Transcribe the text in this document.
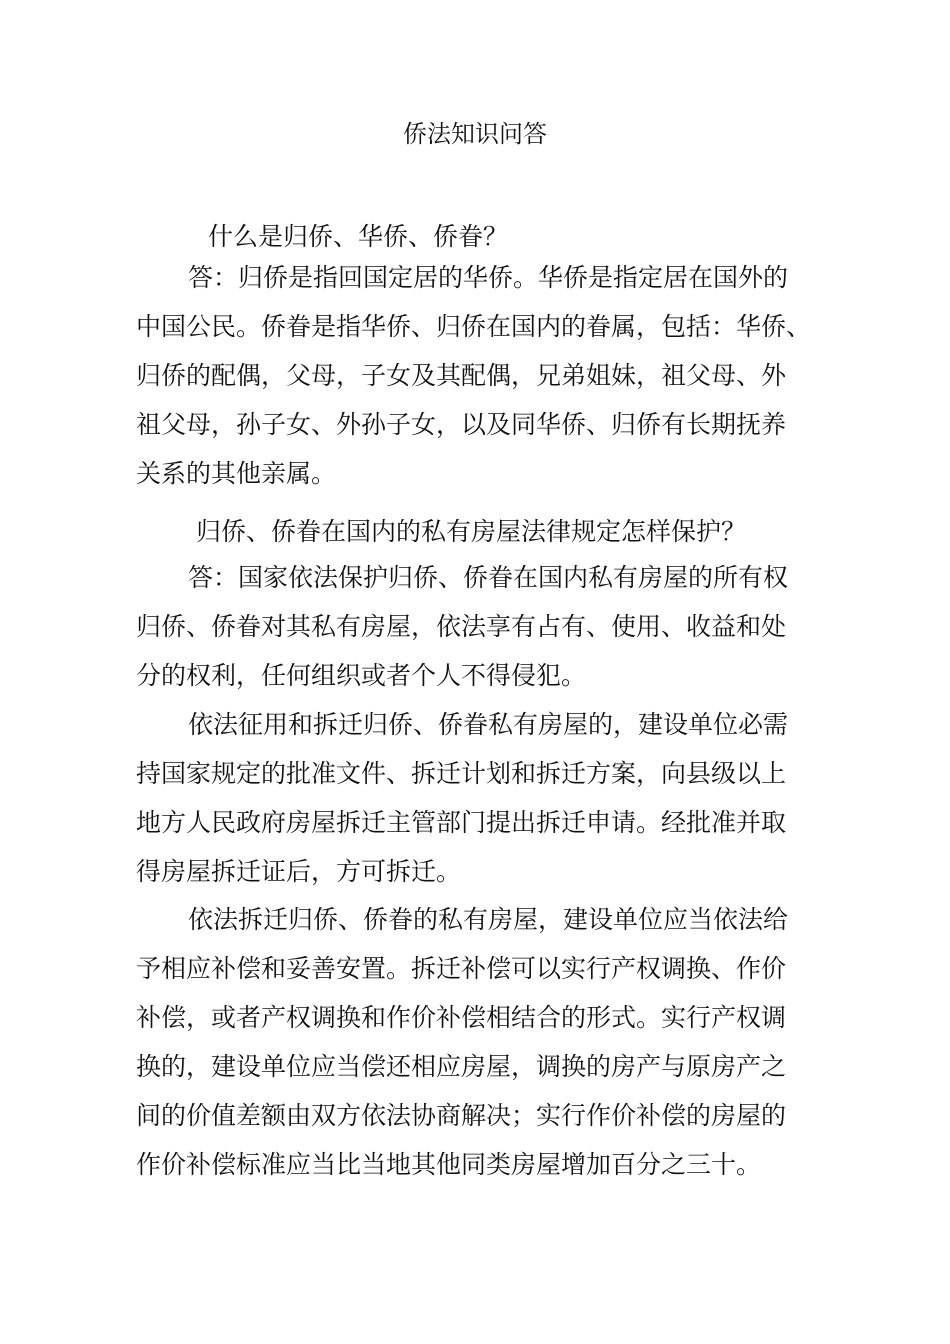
侨法知识问答
什么是归侨、华侨、侨眷？
答：归侨是指回国定居的华侨。华侨是指定居在国外的
中国公民。侨眷是指华侨、归侨在国内的眷属，包括：华侨、
归侨的配偶，父母，子女及其配偶，兄弟姐妹，祖父母、外
祖父母，孙子女、外孙子女，以及同华侨、归侨有长期抚养
关系的其他亲属。
归侨、侨眷在国内的私有房屋法律规定怎样保护？
答：国家依法保护归侨、侨眷在国内私有房屋的所有权
归侨、侨眷对其私有房屋，依法享有占有、使用、收益和处
分的权利，任何组织或者个人不得侵犯。
依法征用和拆迁归侨、侨眷私有房屋的，建设单位必需
持国家规定的批准文件、拆迁计划和拆迁方案，向县级以上
地方人民政府房屋拆迁主管部门提出拆迁申请。经批准并取
得房屋拆迁证后，方可拆迁。
依法拆迁归侨、侨眷的私有房屋，建设单位应当依法给
予相应补偿和妥善安置。拆迁补偿可以实行产权调换、作价
补偿，或者产权调换和作价补偿相结合的形式。实行产权调
换的，建设单位应当偿还相应房屋，调换的房产与原房产之
间的价值差额由双方依法协商解决；实行作价补偿的房屋的
作价补偿标准应当比当地其他同类房屋增加百分之三十。
